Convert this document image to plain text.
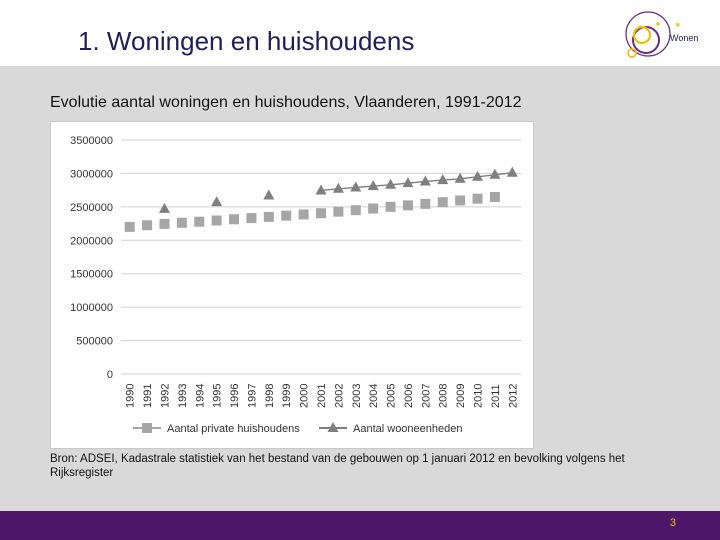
1. Woningen en huishoudens
✶
Wonen
Evolutie aantal woningen en huishoudens, Vlaanderen, 1991-2012
3500000
3000000
2500000
2000000
1500000
1000000
500000
0
1990 1991 1992 1993 1994 1995 1996 1997 1998 1999 2000 2001 2002 2003 2004 2005 2006 2007 2008 2009 2010 2011 2012
Aantal private huishoudens	Aantal wooneenheden
Bron: ADSEI, Kadastrale statistiek van het bestand van de gebouwen op 1 januari 2012 en bevolking volgens het Rijksregister
3
